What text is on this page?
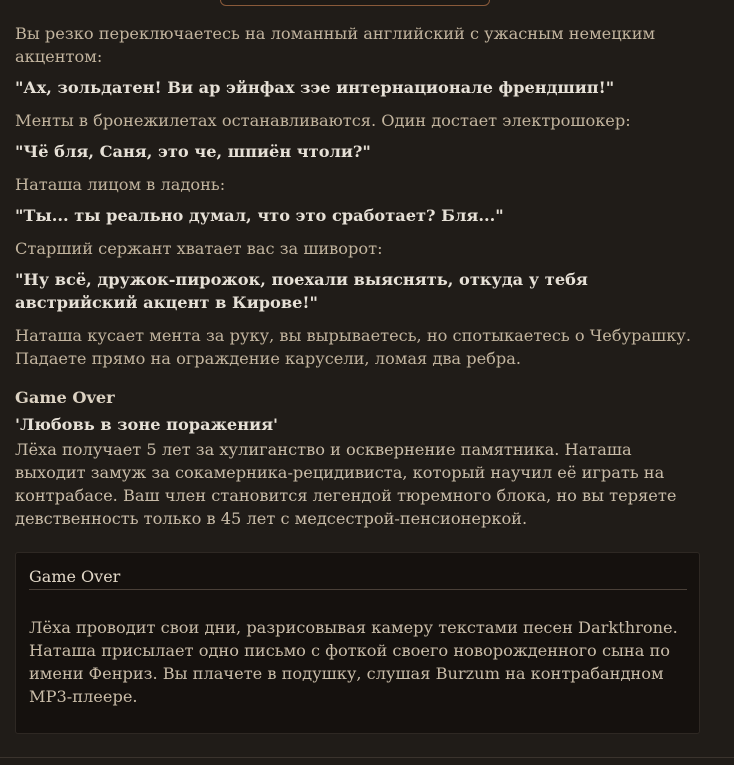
Вы резко переключаетесь на ломанный английский с ужасным немецким акцентом:
"Ах, зольдатен! Ви ар эйнфах зэе интернационале френдшип!"
Менты в бронежилетах останавливаются. Один достает электрошокер:
"Чё бля, Саня, это че, шпиён чтоли?"
Наташа лицом в ладонь:
"Ты... ты реально думал, что это сработает? Бля..."
Старший сержант хватает вас за шиворот:
"Ну всё, дружок-пирожок, поехали выяснять, откуда у тебя австрийский акцент в Кирове!"
Наташа кусает мента за руку, вы вырываетесь, но спотыкаетесь о Чебурашку. Падаете прямо на ограждение карусели, ломая два ребра.
Game Over
'Любовь в зоне поражения'
Лёха получает 5 лет за хулиганство и осквернение памятника. Наташа выходит замуж за сокамерника-рецидивиста, который научил её играть на контрабасе. Ваш член становится легендой тюремного блока, но вы теряете девственность только в 45 лет с медсестрой-пенсионеркой.
Game Over
Лёха проводит свои дни, разрисовывая камеру текстами песен Darkthrone. Наташа присылает одно письмо с фоткой своего новорожденного сына по имени Фенриз. Вы плачете в подушку, слушая Burzum на контрабандном MP3-плеере.
